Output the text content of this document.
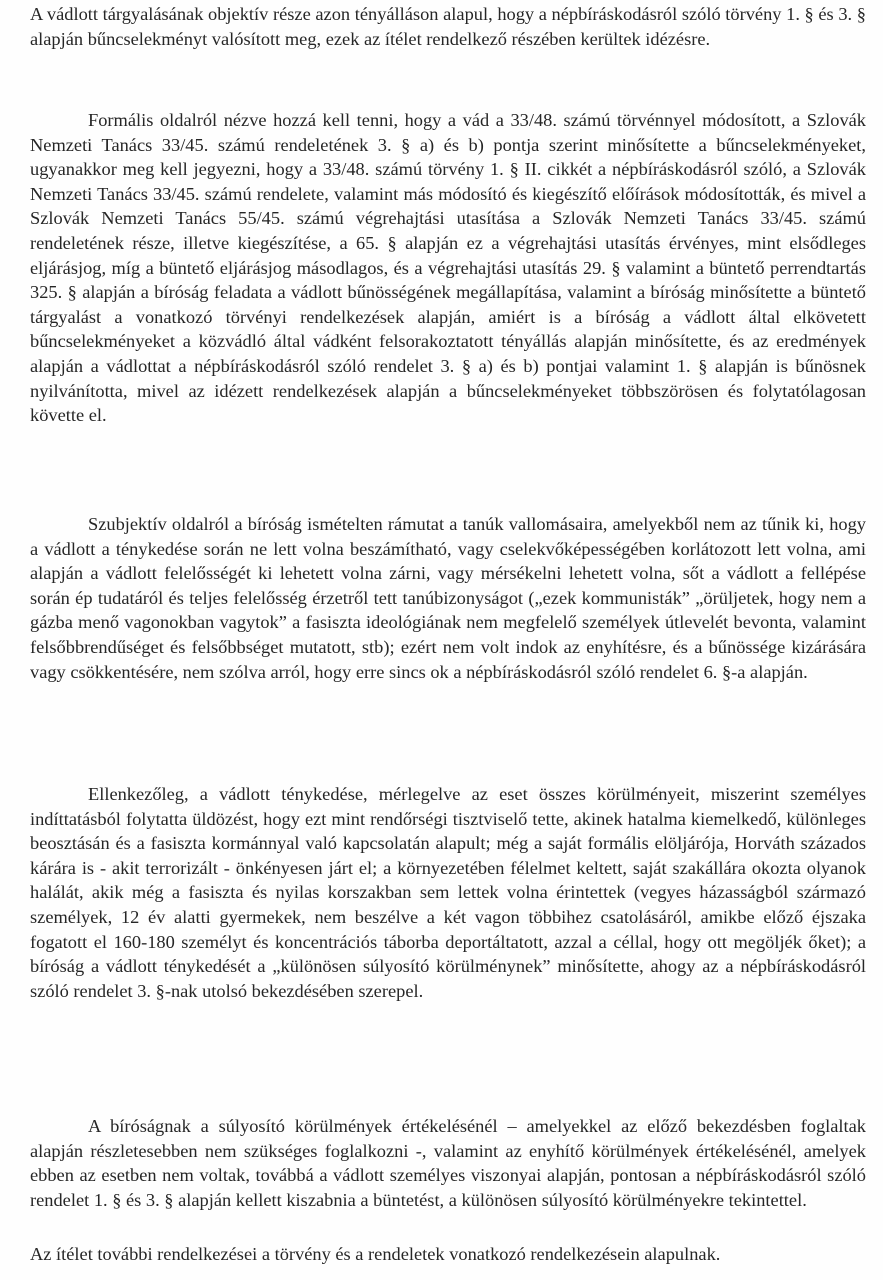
A vádlott tárgyalásának objektív része azon tényálláson alapul, hogy a népbíráskodásról szóló törvény 1. § és 3. § alapján bűncselekményt valósított meg, ezek az ítélet rendelkező részében kerültek idézésre.

Formális oldalról nézve hozzá kell tenni, hogy a vád a 33/48. számú törvénnyel módosított, a Szlovák Nemzeti Tanács 33/45. számú rendeletének 3. § a) és b) pontja szerint minősítette a bűncselekményeket, ugyanakkor meg kell jegyezni, hogy a 33/48. számú törvény 1. § II. cikkét a népbíráskodásról szóló, a Szlovák Nemzeti Tanács 33/45. számú rendelete, valamint más módosító és kiegészítő előírások módosították, és mivel a Szlovák Nemzeti Tanács 55/45. számú végrehajtási utasítása a Szlovák Nemzeti Tanács 33/45. számú rendeletének része, illetve kiegészítése, a 65. § alapján ez a végrehajtási utasítás érvényes, mint elsődleges eljárásjog, míg a büntető eljárásjog másodlagos, és a végrehajtási utasítás 29. § valamint a büntető perrendtartás 325. § alapján a bíróság feladata a vádlott bűnösségének megállapítása, valamint a bíróság minősítette a büntető tárgyalást a vonatkozó törvényi rendelkezések alapján, amiért is a bíróság a vádlott által elkövetett bűncselekményeket a közvádló által vádként felsorakoztatott tényállás alapján minősítette, és az eredmények alapján a vádlottat a népbíráskodásról szóló rendelet 3. § a) és b) pontjai valamint 1. § alapján is bűnösnek nyilvánította, mivel az idézett rendelkezések alapján a bűncselekményeket többszörösen és folytatólagosan követte el.

Szubjektív oldalról a bíróság ismételten rámutat a tanúk vallomásaira, amelyekből nem az tűnik ki, hogy a vádlott a ténykedése során ne lett volna beszámítható, vagy cselekvőképességében korlátozott lett volna, ami alapján a vádlott felelősségét ki lehetett volna zárni, vagy mérsékelni lehetett volna, sőt a vádlott a fellépése során ép tudatáról és teljes felelősség érzetről tett tanúbizonyságot („ezek kommunisták” „örüljetek, hogy nem a gázba menő vagonokban vagytok” a fasiszta ideológiának nem megfelelő személyek útlevelét bevonta, valamint felsőbbrendűséget és felsőbbséget mutatott, stb); ezért nem volt indok az enyhítésre, és a bűnössége kizárására vagy csökkentésére, nem szólva arról, hogy erre sincs ok a népbíráskodásról szóló rendelet 6. §-a alapján.

Ellenkezőleg, a vádlott ténykedése, mérlegelve az eset összes körülményeit, miszerint személyes indíttatásból folytatta üldözést, hogy ezt mint rendőrségi tisztviselő tette, akinek hatalma kiemelkedő, különleges beosztásán és a fasiszta kormánnyal való kapcsolatán alapult; még a saját formális elöljárója, Horváth százados kárára is - akit terrorizált - önkényesen járt el; a környezetében félelmet keltett, saját szakállára okozta olyanok halálát, akik még a fasiszta és nyilas korszakban sem lettek volna érintettek (vegyes házasságból származó személyek, 12 év alatti gyermekek, nem beszélve a két vagon többihez csatolásáról, amikbe előző éjszaka fogatott el 160-180 személyt és koncentrációs táborba deportáltatott, azzal a céllal, hogy ott megöljék őket); a bíróság a vádlott ténykedését a „különösen súlyosító körülménynek” minősítette, ahogy az a népbíráskodásról szóló rendelet 3. §-nak utolsó bekezdésében szerepel.

A bíróságnak a súlyosító körülmények értékelésénél – amelyekkel az előző bekezdésben foglaltak alapján részletesebben nem szükséges foglalkozni -, valamint az enyhítő körülmények értékelésénél, amelyek ebben az esetben nem voltak, továbbá a vádlott személyes viszonyai alapján, pontosan a népbíráskodásról szóló rendelet 1. § és 3. § alapján kellett kiszabnia a büntetést, a különösen súlyosító körülményekre tekintettel.

Az ítélet további rendelkezései a törvény és a rendeletek vonatkozó rendelkezésein alapulnak.
